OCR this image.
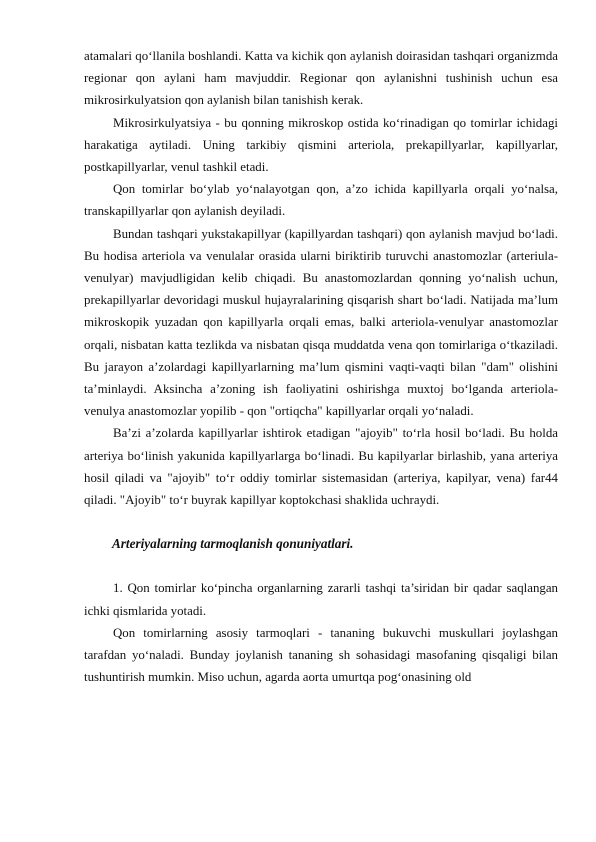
atamalari qo‘llanila boshlandi. Katta va kichik qon aylanish doirasidan tashqari organizmda regionar qon aylani ham mavjuddir. Regionar qon aylanishni tushinish uchun esa mikrosirkulyatsion qon aylanish bilan tanishish kerak.

Mikrosirkulyatsiya - bu qonning mikroskop ostida ko‘rinadigan qo tomirlar ichidagi harakatiga aytiladi. Uning tarkibiy qismini arteriola, prekapillyarlar, kapillyarlar, postkapillyarlar, venul tashkil etadi.

Qon tomirlar bo‘ylab yo‘nalayotgan qon, a’zo ichida kapillyarla orqali yo‘nalsa, transkapillyarlar qon aylanish deyiladi.

Bundan tashqari yukstakapillyar (kapillyardan tashqari) qon aylanish mavjud bo‘ladi. Bu hodisa arteriola va venulalar orasida ularni biriktirib turuvchi anastomozlar (arteriula-venulyar) mavjudligidan kelib chiqadi. Bu anastomozlardan qonning yo‘nalish uchun, prekapillyarlar devoridagi muskul hujayralarining qisqarish shart bo‘ladi. Natijada ma’lum mikroskopik yuzadan qon kapillyarla orqali emas, balki arteriola-venulyar anastomozlar orqali, nisbatan katta tezlikda va nisbatan qisqa muddatda vena qon tomirlariga o‘tkaziladi. Bu jarayon a’zolardagi kapillyarlarning ma’lum qismini vaqti-vaqti bilan "dam" olishini ta’minlaydi. Aksincha a’zoning ish faoliyatini oshirishga muxtoj bo‘lganda arteriola-venulya anastomozlar yopilib - qon "ortiqcha" kapillyarlar orqali yo‘naladi.

Ba’zi a’zolarda kapillyarlar ishtirok etadigan "ajoyib" to‘rla hosil bo‘ladi. Bu holda arteriya bo‘linish yakunida kapillyarlarga bo‘linadi. Bu kapilyarlar birlashib, yana arteriya hosil qiladi va "ajoyib" to‘r oddiy tomirlar sistemasidan (arteriya, kapilyar, vena) far44 qiladi. "Ajoyib" to‘r buyrak kapillyar koptokchasi shaklida uchraydi.

Arteriyalarning tarmoqlanish qonuniyatlari.

1. Qon tomirlar ko‘pincha organlarning zararli tashqi ta’siridan bir qadar saqlangan ichki qismlarida yotadi.

Qon tomirlarning asosiy tarmoqlari - tananing bukuvchi muskullari joylashgan tarafdan yo‘naladi. Bunday joylanish tananing sh sohasidagi masofaning qisqaligi bilan tushuntirish mumkin. Miso uchun, agarda aorta umurtqa pog‘onasining old
